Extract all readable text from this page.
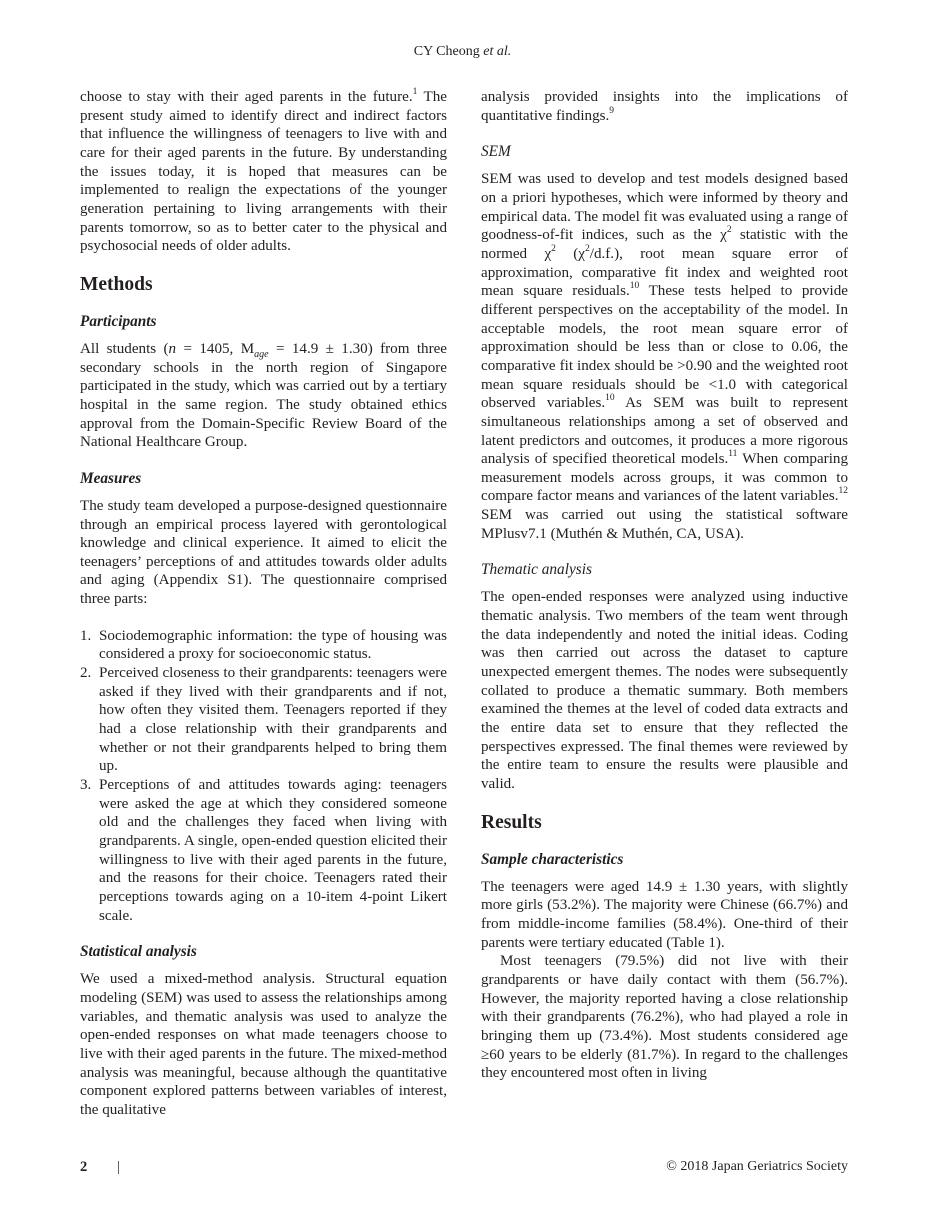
CY Cheong et al.

choose to stay with their aged parents in the future.$^1$ The present study aimed to identify direct and indirect factors that influence the willingness of teenagers to live with and care for their aged parents in the future. By understanding the issues today, it is hoped that measures can be implemented to realign the expectations of the younger generation pertaining to living arrangements with their parents tomorrow, so as to better cater to the physical and psychosocial needs of older adults.

Methods
Participants

All students (n = 1405, $M_{age} = 14.9 \pm 1.30$) from three secondary schools in the north region of Singapore participated in the study, which was carried out by a tertiary hospital in the same region. The study obtained ethics approval from the Domain-Specific Review Board of the National Healthcare Group.

Measures

The study team developed a purpose-designed questionnaire through an empirical process layered with gerontological knowledge and clinical experience. It aimed to elicit the teenagers’ perceptions of and attitudes towards older adults and aging (Appendix S1). The questionnaire comprised three parts:

1. Sociodemographic information: the type of housing was considered a proxy for socioeconomic status.
2. Perceived closeness to their grandparents: teenagers were asked if they lived with their grandparents and if not, how often they visited them. Teenagers reported if they had a close relationship with their grandparents and whether or not their grandparents helped to bring them up.
3. Perceptions of and attitudes towards aging: teenagers were asked the age at which they considered someone old and the challenges they faced when living with grandparents. A single, open-ended question elicited their willingness to live with their aged parents in the future, and the reasons for their choice. Teenagers rated their perceptions towards aging on a 10-item 4-point Likert scale.
Statistical analysis

We used a mixed-method analysis. Structural equation modeling (SEM) was used to assess the relationships among variables, and thematic analysis was used to analyze the open-ended responses on what made teenagers choose to live with their aged parents in the future. The mixed-method analysis was meaningful, because although the quantitative component explored patterns between variables of interest, the qualitative

analysis provided insights into the implications of quantitative findings.$^9$

SEM

SEM was used to develop and test models designed based on a priori hypotheses, which were informed by theory and empirical data. The model fit was evaluated using a range of goodness-of-fit indices, such as the $\chi^2$ statistic with the normed $\chi^2$ $(\chi^2/d.f.)$, root mean square error of approximation, comparative fit index and weighted root mean square residuals.$^{10}$ These tests helped to provide different perspectives on the acceptability of the model. In acceptable models, the root mean square error of approximation should be less than or close to 0.06, the comparative fit index should be >0.90 and the weighted root mean square residuals should be <1.0 with categorical observed variables.$^{10}$ As SEM was built to represent simultaneous relationships among a set of observed and latent predictors and outcomes, it produces a more rigorous analysis of specified theoretical models.$^{11}$ When comparing measurement models across groups, it was common to compare factor means and variances of the latent variables.$^{12}$ SEM was carried out using the statistical software MPlusv7.1 (Muthén & Muthén, CA, USA).

Thematic analysis

The open-ended responses were analyzed using inductive thematic analysis. Two members of the team went through the data independently and noted the initial ideas. Coding was then carried out across the dataset to capture unexpected emergent themes. The nodes were subsequently collated to produce a thematic summary. Both members examined the themes at the level of coded data extracts and the entire data set to ensure that they reflected the perspectives expressed. The final themes were reviewed by the entire team to ensure the results were plausible and valid.

Results
Sample characteristics

The teenagers were aged 14.9 ± 1.30 years, with slightly more girls (53.2%). The majority were Chinese (66.7%) and from middle-income families (58.4%). One-third of their parents were tertiary educated (Table 1).

Most teenagers (79.5%) did not live with their grandparents or have daily contact with them (56.7%). However, the majority reported having a close relationship with their grandparents (76.2%), who had played a role in bringing them up (73.4%). Most students considered age ≥60 years to be elderly (81.7%). In regard to the challenges they encountered most often in living

2 |	© 2018 Japan Geriatrics Society
